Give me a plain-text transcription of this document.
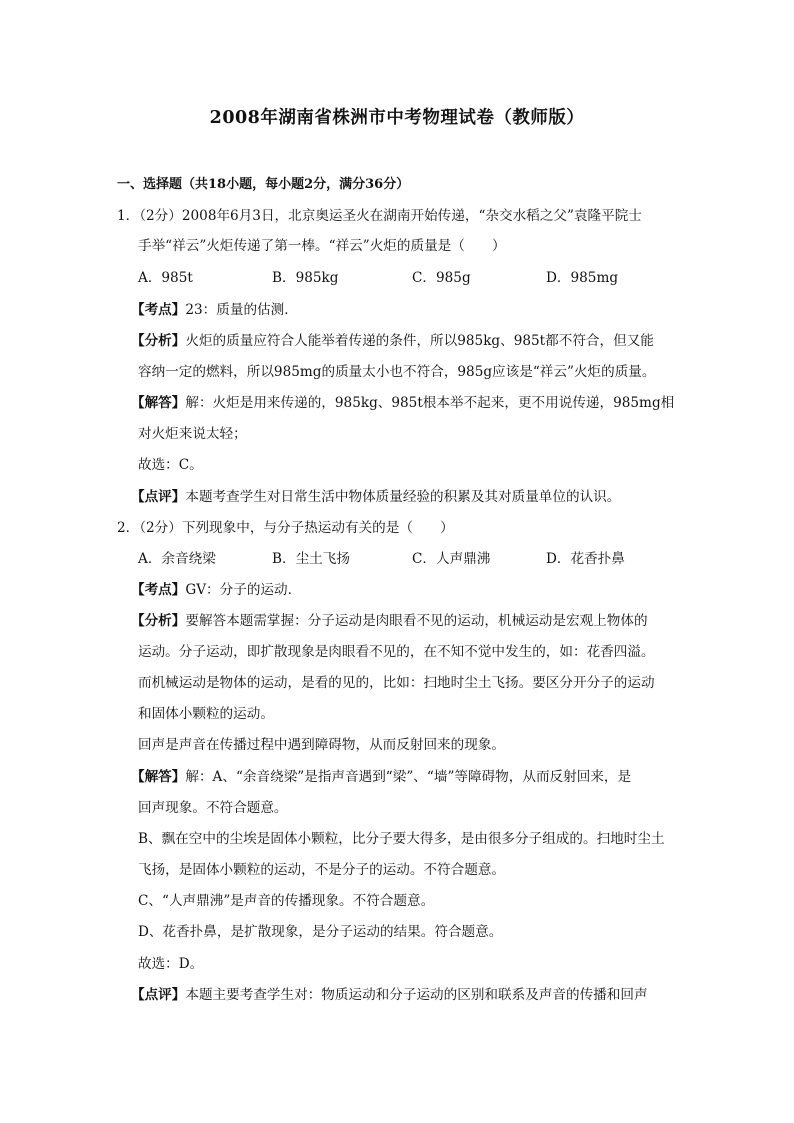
2008年湖南省株洲市中考物理试卷（教师版）
一、选择题（共18小题，每小题2分，满分36分）
1．（2分）2008年6月3日，北京奥运圣火在湖南开始传递，“杂交水稻之父”袁隆平院士
手举“祥云”火炬传递了第一棒。“祥云”火炬的质量是（　　）
A．985t	B．985kg	C．985g	D．985mg
【考点】23：质量的估测．
【分析】火炬的质量应符合人能举着传递的条件，所以985kg、985t都不符合，但又能
容纳一定的燃料，所以985mg的质量太小也不符合，985g应该是“祥云”火炬的质量。
【解答】解：火炬是用来传递的，985kg、985t根本举不起来，更不用说传递，985mg相
对火炬来说太轻；
故选：C。
【点评】本题考查学生对日常生活中物体质量经验的积累及其对质量单位的认识。
2．（2分）下列现象中，与分子热运动有关的是（　　）
A．余音绕梁	B．尘土飞扬	C．人声鼎沸	D．花香扑鼻
【考点】GV：分子的运动．
【分析】要解答本题需掌握：分子运动是肉眼看不见的运动，机械运动是宏观上物体的
运动。分子运动，即扩散现象是肉眼看不见的，在不知不觉中发生的，如：花香四溢。
而机械运动是物体的运动，是看的见的，比如：扫地时尘土飞扬。要区分开分子的运动
和固体小颗粒的运动。
回声是声音在传播过程中遇到障碍物，从而反射回来的现象。
【解答】解：A、“余音绕梁”是指声音遇到“梁”、“墙”等障碍物，从而反射回来，是
回声现象。不符合题意。
B、飘在空中的尘埃是固体小颗粒，比分子要大得多，是由很多分子组成的。扫地时尘土
飞扬，是固体小颗粒的运动，不是分子的运动。不符合题意。
C、“人声鼎沸”是声音的传播现象。不符合题意。
D、花香扑鼻，是扩散现象，是分子运动的结果。符合题意。
故选：D。
【点评】本题主要考查学生对：物质运动和分子运动的区别和联系及声音的传播和回声
